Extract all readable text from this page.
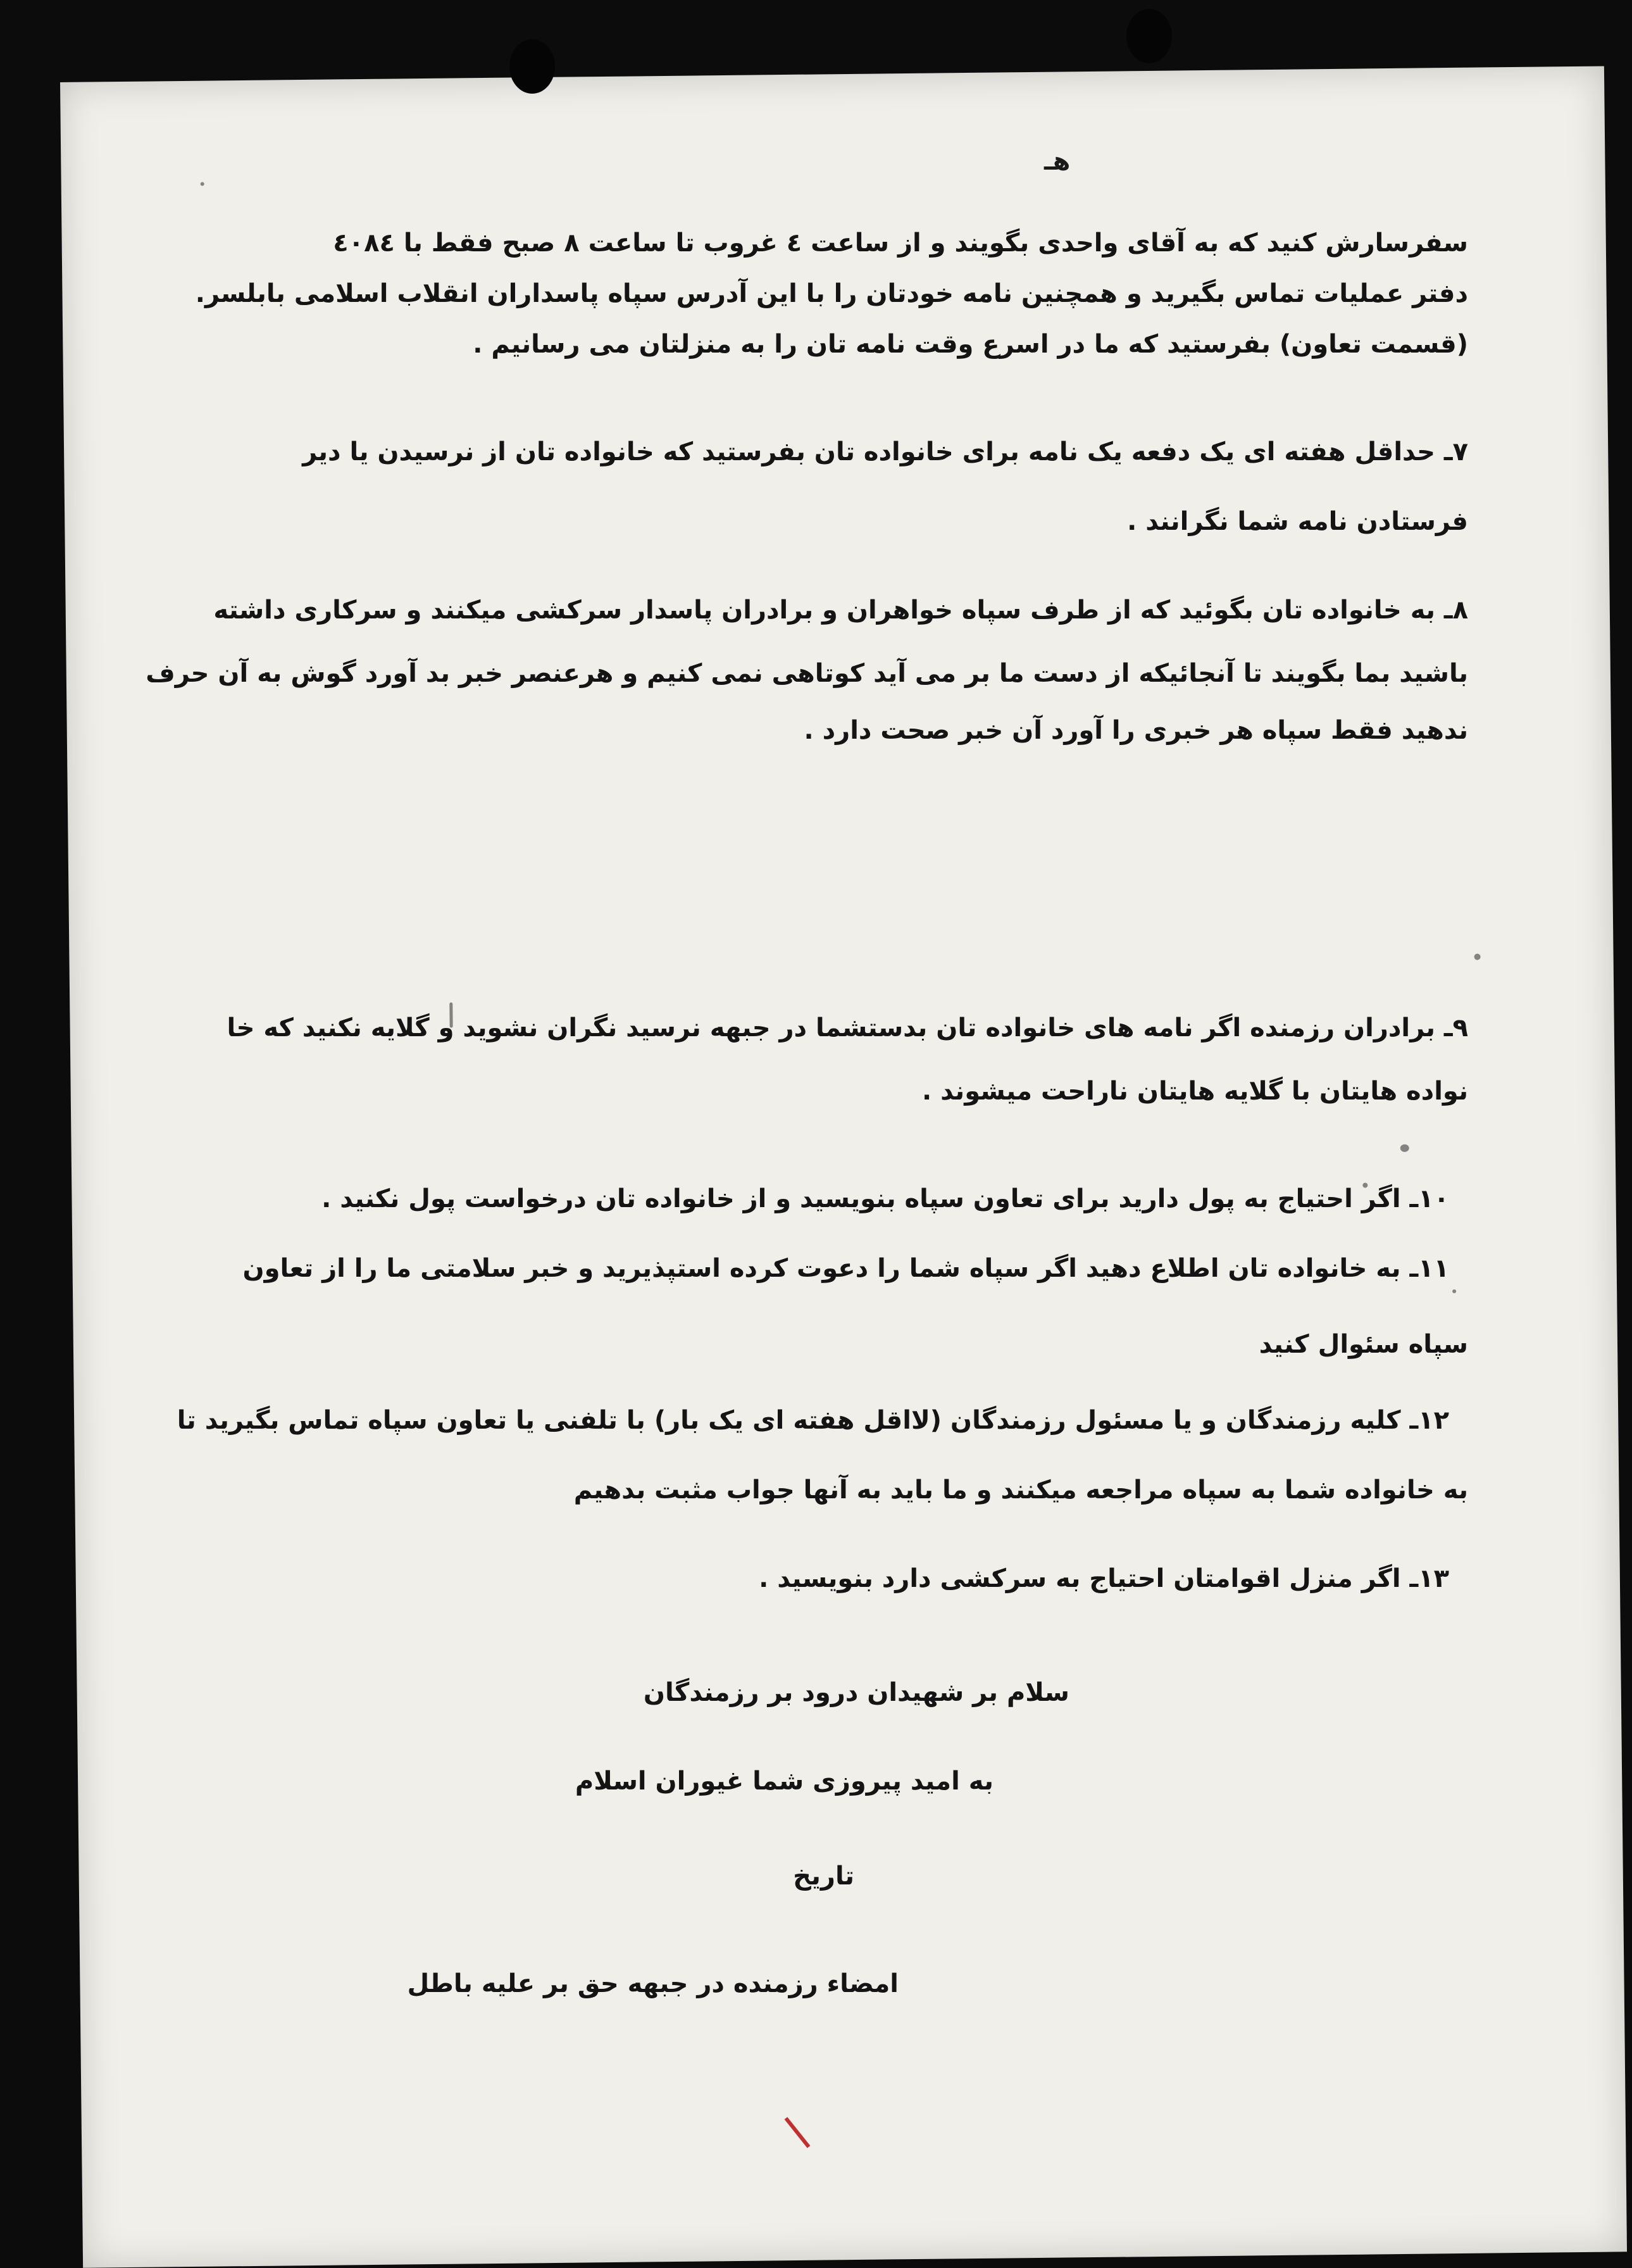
هـ

سفرسارش کنید که به آقای واحدی بگویند و از ساعت ٤ غروب تا ساعت ٨ صبح فقط با ٤٠٨٤

دفتر عملیات تماس بگیرید و همچنین نامه خودتان را با این آدرس سپاه پاسداران انقلاب اسلامی بابلسر.

(قسمت تعاون) بفرستید که ما در اسرع وقت نامه تان را به منزلتان می رسانیم .

٧ـ حداقل هفته ای یک دفعه یک نامه برای خانواده تان بفرستید که خانواده تان از نرسیدن یا دیر

فرستادن نامه شما نگرانند .

٨ـ به خانواده تان بگوئید که از طرف سپاه خواهران و برادران پاسدار سرکشی میکنند و سرکاری داشته

باشید بما بگویند تا آنجائیکه از دست ما بر می آید کوتاهی نمی کنیم و هرعنصر خبر بد آورد گوش به آن حرف

ندهید فقط سپاه هر خبری را آورد آن خبر صحت دارد .

٩ـ برادران رزمنده اگر نامه های خانواده تان بدستشما در جبهه نرسید نگران نشوید و گلایه نکنید که خا

نواده هایتان با گلایه هایتان ناراحت میشوند .

١٠ـ اگر احتیاج به پول دارید برای تعاون سپاه بنویسید و از خانواده تان درخواست پول نکنید .

١١ـ به خانواده تان اطلاع دهید اگر سپاه شما را دعوت کرده استپذیرید و خبر سلامتی ما را از تعاون

سپاه سئوال کنید

١٢ـ کلیه رزمندگان و یا مسئول رزمندگان (لااقل هفته ای یک بار) با تلفنی یا تعاون سپاه تماس بگیرید تا

به خانواده شما به سپاه مراجعه میکنند و ما باید به آنها جواب مثبت بدهیم

١٣ـ اگر منزل اقوامتان احتیاج به سرکشی دارد بنویسید .

سلام بر شهیدان درود بر رزمندگان

به امید پیروزی شما غیوران اسلام

تاریخ

امضاء رزمنده در جبهه حق بر علیه باطل
